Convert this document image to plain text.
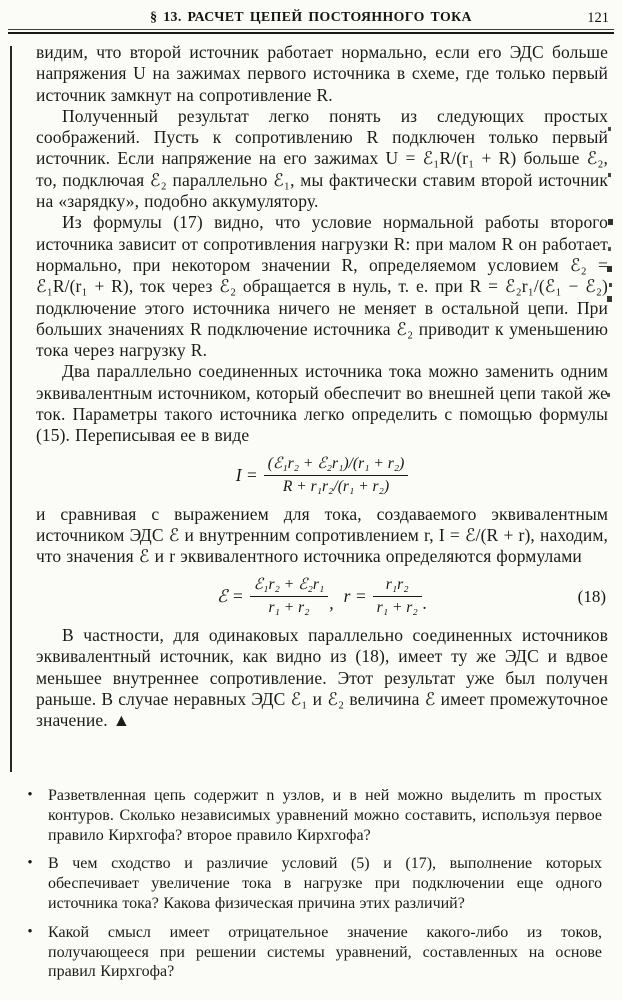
§ 13. РАСЧЕТ ЦЕПЕЙ ПОСТОЯННОГО ТОКА	121

видим, что второй источник работает нормально, если его ЭДС больше напряжения U на зажимах первого источника в схеме, где только первый источник замкнут на сопротивление R.

Полученный результат легко понять из следующих простых соображений. Пусть к сопротивлению R подключен только первый источник. Если напряжение на его зажимах U = ℰ₁R/(r₁ + R) больше ℰ₂, то, подключая ℰ₂ параллельно ℰ₁, мы фактически ставим второй источник на «зарядку», подобно аккумулятору.

Из формулы (17) видно, что условие нормальной работы второго источника зависит от сопротивления нагрузки R: при малом R он работает нормально, при некотором значении R, определяемом условием ℰ₂ = ℰ₁R/(r₁ + R), ток через ℰ₂ обращается в нуль, т. е. при R = ℰ₂r₁/(ℰ₁ − ℰ₂) подключение этого источника ничего не меняет в остальной цепи. При больших значениях R подключение источника ℰ₂ приводит к уменьшению тока через нагрузку R.

Два параллельно соединенных источника тока можно заменить одним эквивалентным источником, который обеспечит во внешней цепи такой же ток. Параметры такого источника легко определить с помощью формулы (15). Переписывая ее в виде

$I = \frac{\text{(ℰ₁r₂ + ℰ₂r₁)/(r₁ + r₂)}}{\text{R + r₁r₂/(r₁ + r₂)}}$

и сравнивая с выражением для тока, создаваемого эквивалентным источником ЭДС ℰ и внутренним сопротивлением r, I = ℰ/(R + r), находим, что значения ℰ и r эквивалентного источника определяются формулами

ℰ = $\frac{\text{ℰ₁r₂ + ℰ₂r₁}}{\text{r₁ + r₂}}$ , $r = \frac{\text{r₁r₂}}{\text{r₁ + r₂}}$ .	(18)

В частности, для одинаковых параллельно соединенных источников эквивалентный источник, как видно из (18), имеет ту же ЭДС и вдвое меньшее внутреннее сопротивление. Этот результат уже был получен раньше. В случае неравных ЭДС ℰ₁ и ℰ₂ величина ℰ имеет промежуточное значение. ▲

• Разветвленная цепь содержит n узлов, и в ней можно выделить m простых контуров. Сколько независимых уравнений можно составить, используя первое правило Кирхгофа? второе правило Кирхгофа?

• В чем сходство и различие условий (5) и (17), выполнение которых обеспечивает увеличение тока в нагрузке при подключении еще одного источника тока? Какова физическая причина этих различий?

• Какой смысл имеет отрицательное значение какого-либо из токов, получающееся при решении системы уравнений, составленных на основе правил Кирхгофа?
